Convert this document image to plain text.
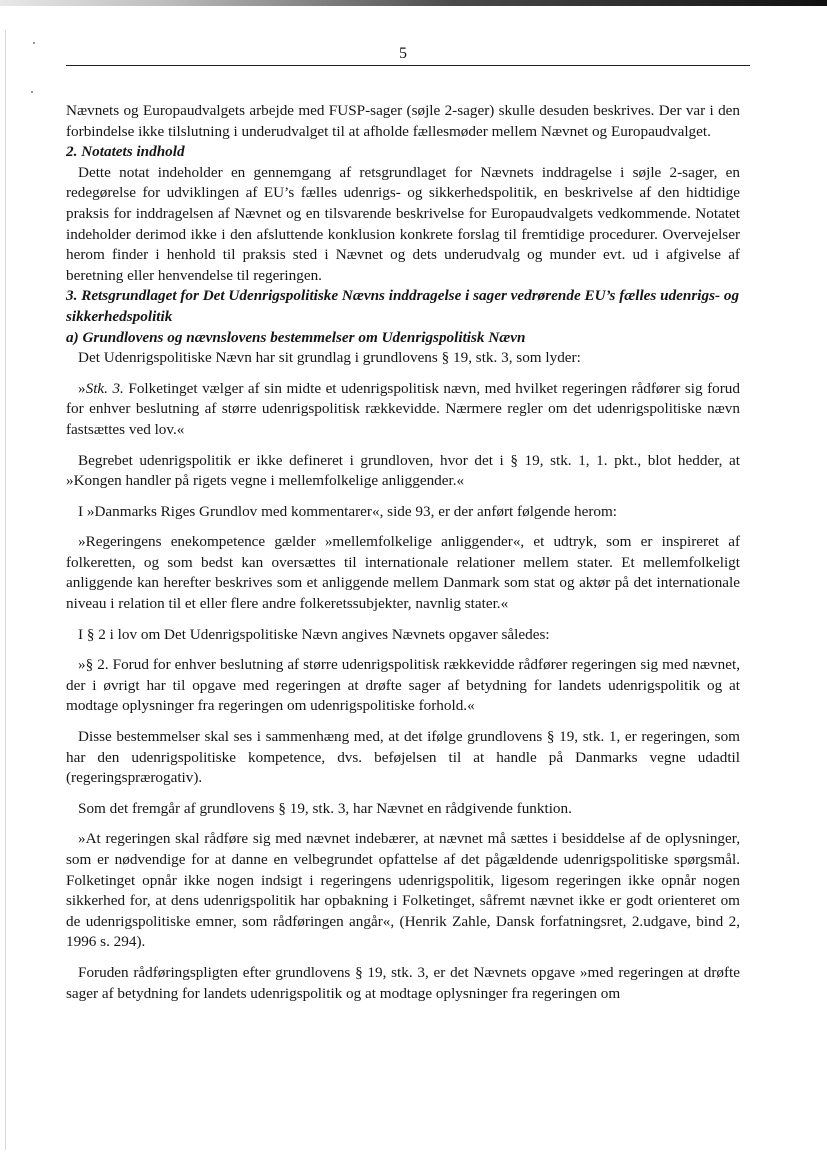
5

Nævnets og Europaudvalgets arbejde med FUSP-sager (søjle 2-sager) skulle desuden beskrives. Der var i den forbindelse ikke tilslutning i underudvalget til at afholde fællesmøder mellem Nævnet og Europaudvalget.

2. Notatets indhold

Dette notat indeholder en gennemgang af retsgrundlaget for Nævnets inddragelse i søjle 2-sager, en redegørelse for udviklingen af EU’s fælles udenrigs- og sikkerhedspolitik, en beskrivelse af den hidtidige praksis for inddragelsen af Nævnet og en tilsvarende beskrivelse for Europaudvalgets vedkommende. Notatet indeholder derimod ikke i den afsluttende konklusion konkrete forslag til fremtidige procedurer. Overvejelser herom finder i henhold til praksis sted i Nævnet og dets underudvalg og munder evt. ud i afgivelse af beretning eller henvendelse til regeringen.

3. Retsgrundlaget for Det Udenrigspolitiske Nævns inddragelse i sager vedrørende EU’s fælles udenrigs- og sikkerhedspolitik

a) Grundlovens og nævnslovens bestemmelser om Udenrigspolitisk Nævn

Det Udenrigspolitiske Nævn har sit grundlag i grundlovens § 19, stk. 3, som lyder:

»Stk. 3. Folketinget vælger af sin midte et udenrigspolitisk nævn, med hvilket regeringen rådfører sig forud for enhver beslutning af større udenrigspolitisk rækkevidde. Nærmere regler om det udenrigspolitiske nævn fastsættes ved lov.«

Begrebet udenrigspolitik er ikke defineret i grundloven, hvor det i § 19, stk. 1, 1. pkt., blot hedder, at »Kongen handler på rigets vegne i mellemfolkelige anliggender.«

I »Danmarks Riges Grundlov med kommentarer«, side 93, er der anført følgende herom:

»Regeringens enekompetence gælder »mellemfolkelige anliggender«, et udtryk, som er inspireret af folkeretten, og som bedst kan oversættes til internationale relationer mellem stater. Et mellemfolkeligt anliggende kan herefter beskrives som et anliggende mellem Danmark som stat og aktør på det internationale niveau i relation til et eller flere andre folkeretssubjekter, navnlig stater.«

I § 2 i lov om Det Udenrigspolitiske Nævn angives Nævnets opgaver således:

»§ 2. Forud for enhver beslutning af større udenrigspolitisk rækkevidde rådfører regeringen sig med nævnet, der i øvrigt har til opgave med regeringen at drøfte sager af betydning for landets udenrigspolitik og at modtage oplysninger fra regeringen om udenrigspolitiske forhold.«

Disse bestemmelser skal ses i sammenhæng med, at det ifølge grundlovens § 19, stk. 1, er regeringen, som har den udenrigspolitiske kompetence, dvs. beføjelsen til at handle på Danmarks vegne udadtil (regeringsprærogativ).

Som det fremgår af grundlovens § 19, stk. 3, har Nævnet en rådgivende funktion.

»At regeringen skal rådføre sig med nævnet indebærer, at nævnet må sættes i besiddelse af de oplysninger, som er nødvendige for at danne en velbegrundet opfattelse af det pågældende udenrigspolitiske spørgsmål. Folketinget opnår ikke nogen indsigt i regeringens udenrigspolitik, ligesom regeringen ikke opnår nogen sikkerhed for, at dens udenrigspolitik har opbakning i Folketinget, såfremt nævnet ikke er godt orienteret om de udenrigspolitiske emner, som rådføringen angår«, (Henrik Zahle, Dansk forfatningsret, 2.udgave, bind 2, 1996 s. 294).

Foruden rådføringspligten efter grundlovens § 19, stk. 3, er det Nævnets opgave »med regeringen at drøfte sager af betydning for landets udenrigspolitik og at modtage oplysninger fra regeringen om
